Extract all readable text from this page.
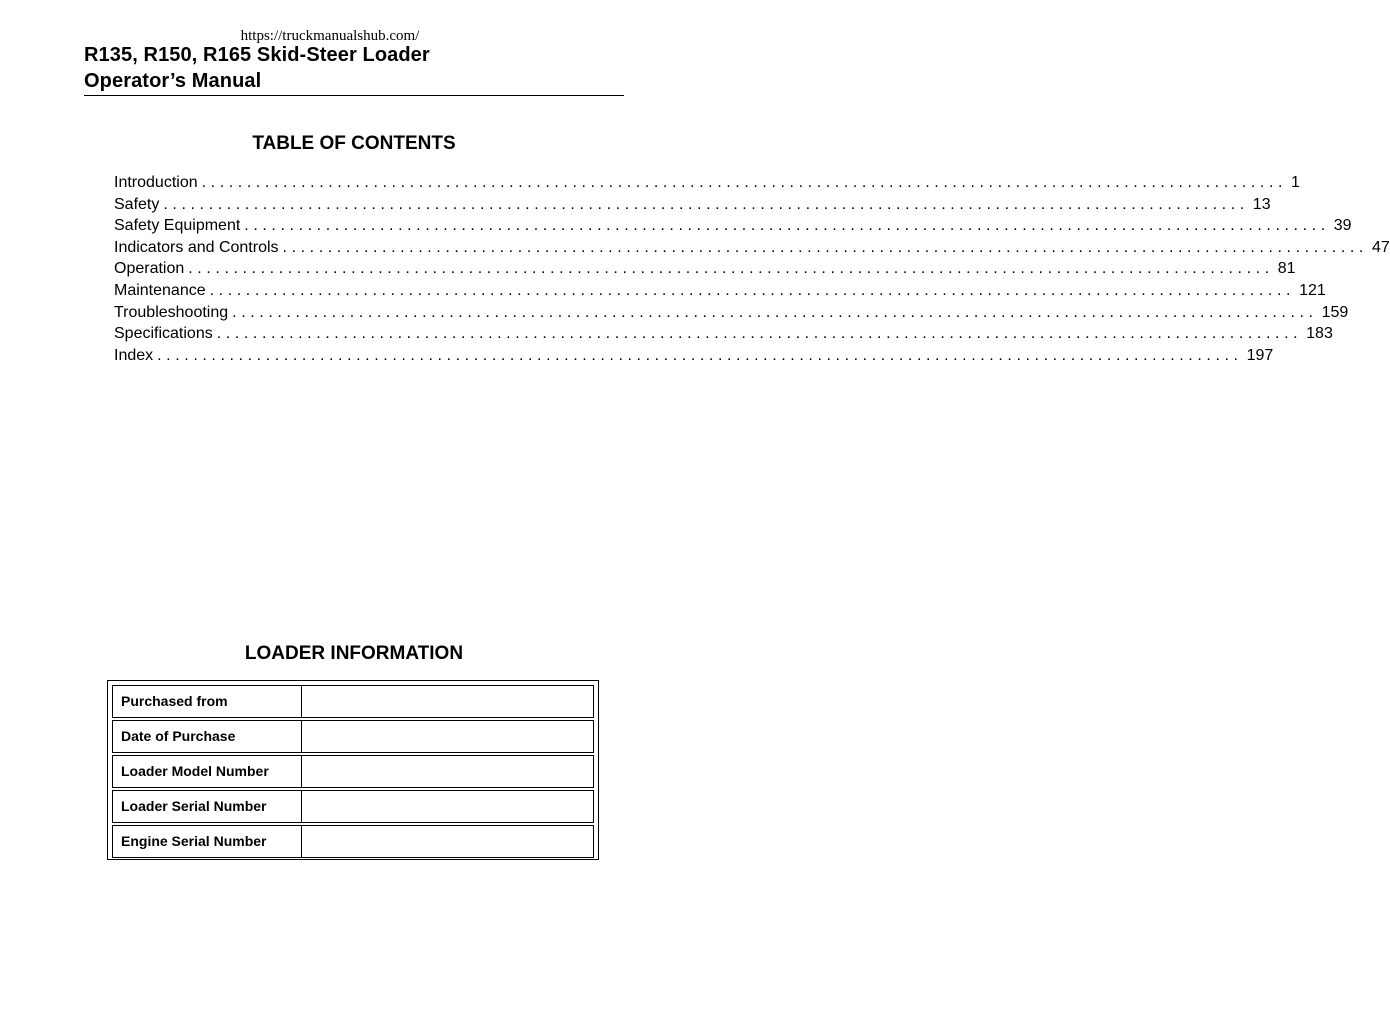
https://truckmanualshub.com/
R135, R150, R165 Skid-Steer Loader
Operator’s Manual
TABLE OF CONTENTS
Introduction ........................................................................................................................ 1
Safety ........................................................................................................................ 13
Safety Equipment ........................................................................................................................ 39
Indicators and Controls ........................................................................................................................ 47
Operation ........................................................................................................................ 81
Maintenance ........................................................................................................................ 121
Troubleshooting ........................................................................................................................ 159
Specifications ........................................................................................................................ 183
Index ........................................................................................................................ 197
LOADER INFORMATION
Purchased from
Date of Purchase
Loader Model Number
Loader Serial Number
Engine Serial Number
